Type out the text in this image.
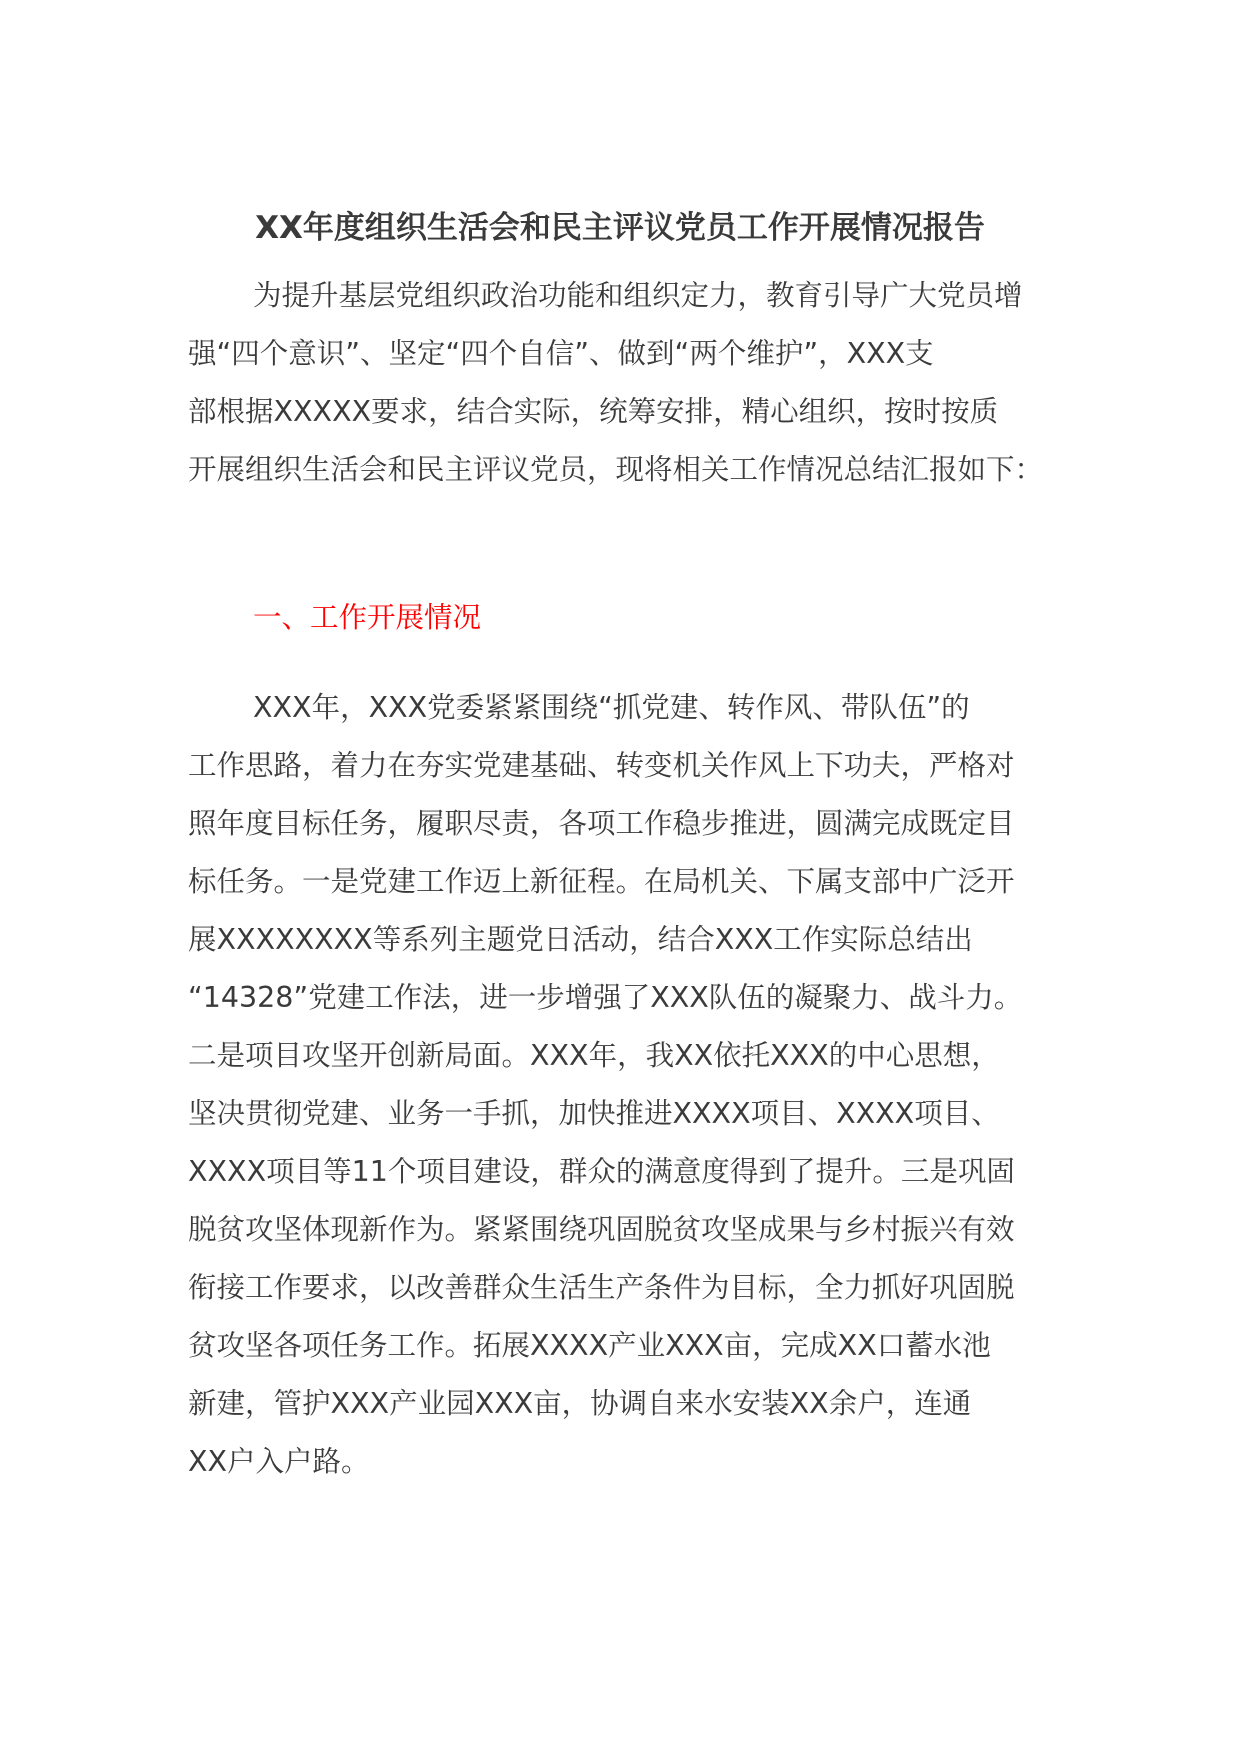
XX年度组织生活会和民主评议党员工作开展情况报告
为提升基层党组织政治功能和组织定力，教育引导广大党员增
强“四个意识”、坚定“四个自信”、做到“两个维护”，XXX支
部根据XXXXX要求，结合实际，统筹安排，精心组织，按时按质
开展组织生活会和民主评议党员，现将相关工作情况总结汇报如下：
一、工作开展情况
XXX年，XXX党委紧紧围绕“抓党建、转作风、带队伍”的
工作思路，着力在夯实党建基础、转变机关作风上下功夫，严格对
照年度目标任务，履职尽责，各项工作稳步推进，圆满完成既定目
标任务。一是党建工作迈上新征程。在局机关、下属支部中广泛开
展XXXXXXXX等系列主题党日活动，结合XXX工作实际总结出
“14328”党建工作法，进一步增强了XXX队伍的凝聚力、战斗力。
二是项目攻坚开创新局面。XXX年，我XX依托XXX的中心思想，
坚决贯彻党建、业务一手抓，加快推进XXXX项目、XXXX项目、
XXXX项目等11个项目建设，群众的满意度得到了提升。三是巩固
脱贫攻坚体现新作为。紧紧围绕巩固脱贫攻坚成果与乡村振兴有效
衔接工作要求，以改善群众生活生产条件为目标，全力抓好巩固脱
贫攻坚各项任务工作。拓展XXXX产业XXX亩，完成XX口蓄水池
新建，管护XXX产业园XXX亩，协调自来水安装XX余户，连通
XX户入户路。
